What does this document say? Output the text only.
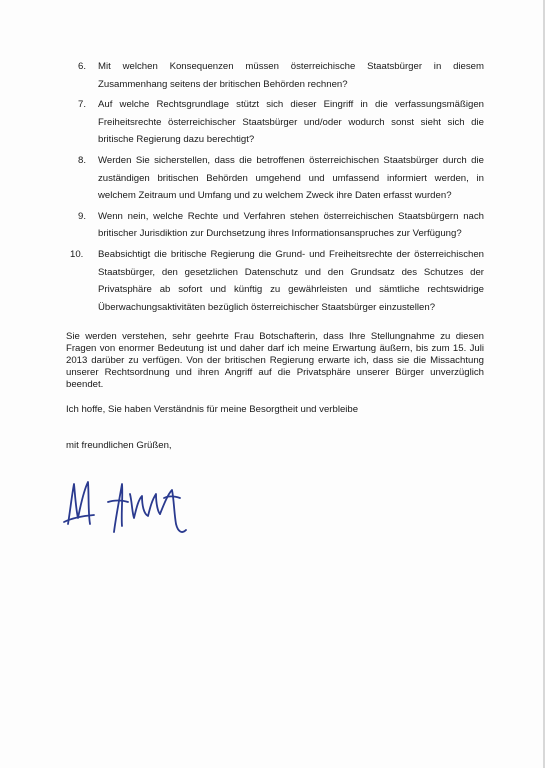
6. Mit welchen Konsequenzen müssen österreichische Staatsbürger in diesem Zusammenhang seitens der britischen Behörden rechnen?
7. Auf welche Rechtsgrundlage stützt sich dieser Eingriff in die verfassungsmäßigen Freiheitsrechte österreichischer Staatsbürger und/oder wodurch sonst sieht sich die britische Regierung dazu berechtigt?
8. Werden Sie sicherstellen, dass die betroffenen österreichischen Staatsbürger durch die zuständigen britischen Behörden umgehend und umfassend informiert werden, in welchem Zeitraum und Umfang und zu welchem Zweck ihre Daten erfasst wurden?
9. Wenn nein, welche Rechte und Verfahren stehen österreichischen Staatsbürgern nach britischer Jurisdiktion zur Durchsetzung ihres Informationsanspruches zur Verfügung?
10. Beabsichtigt die britische Regierung die Grund- und Freiheitsrechte der österreichischen Staatsbürger, den gesetzlichen Datenschutz und den Grundsatz des Schutzes der Privatsphäre ab sofort und künftig zu gewährleisten und sämtliche rechtswidrige Überwachungsaktivitäten bezüglich österreichischer Staatsbürger einzustellen?

Sie werden verstehen, sehr geehrte Frau Botschafterin, dass Ihre Stellungnahme zu diesen Fragen von enormer Bedeutung ist und daher darf ich meine Erwartung äußern, bis zum 15. Juli 2013 darüber zu verfügen. Von der britischen Regierung erwarte ich, dass sie die Missachtung unserer Rechtsordnung und ihren Angriff auf die Privatsphäre unserer Bürger unverzüglich beendet.

Ich hoffe, Sie haben Verständnis für meine Besorgtheit und verbleibe

mit freundlichen Grüßen,
